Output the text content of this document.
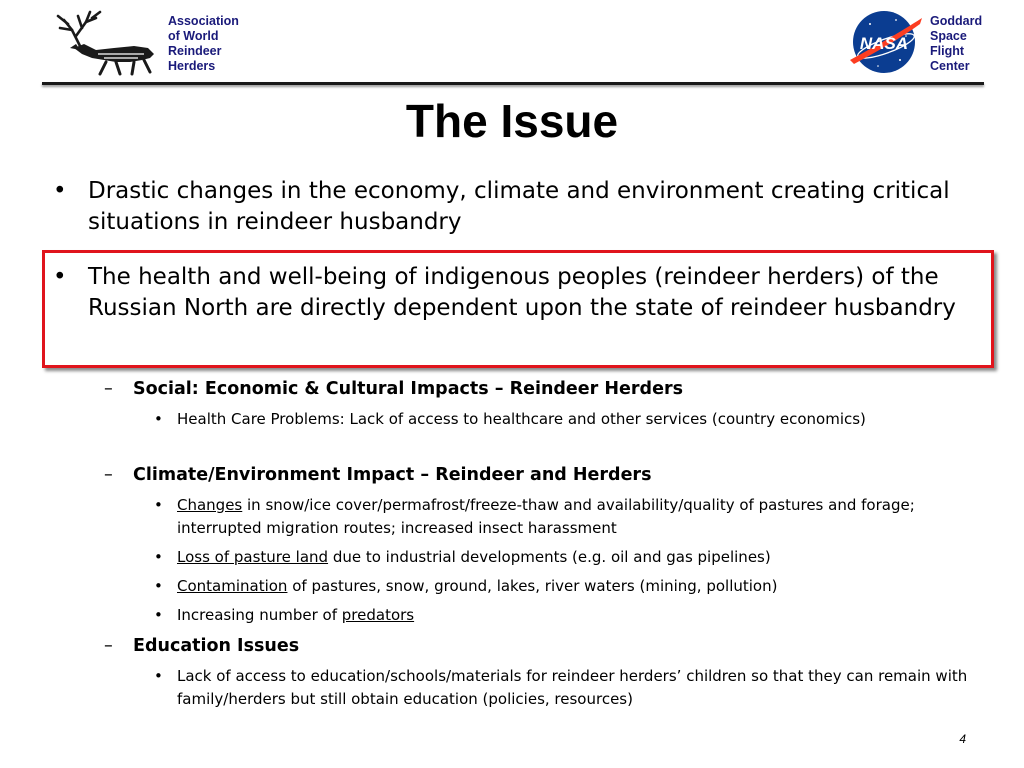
Association
of World
Reindeer
Herders
NASA
Goddard
Space
Flight
Center
The Issue
• Drastic changes in the economy, climate and environment creating critical situations in reindeer husbandry
• The health and well-being of indigenous peoples (reindeer herders) of the Russian North are directly dependent upon the state of reindeer husbandry
– Social: Economic & Cultural Impacts – Reindeer Herders
• Health Care Problems: Lack of access to healthcare and other services (country economics)
– Climate/Environment Impact – Reindeer and Herders
• Changes in snow/ice cover/permafrost/freeze-thaw and availability/quality of pastures and forage; interrupted migration routes; increased insect harassment
• Loss of pasture land due to industrial developments (e.g. oil and gas pipelines)
• Contamination of pastures, snow, ground, lakes, river waters (mining, pollution)
• Increasing number of predators
– Education Issues
• Lack of access to education/schools/materials for reindeer herders’ children so that they can remain with family/herders but still obtain education (policies, resources)
4
